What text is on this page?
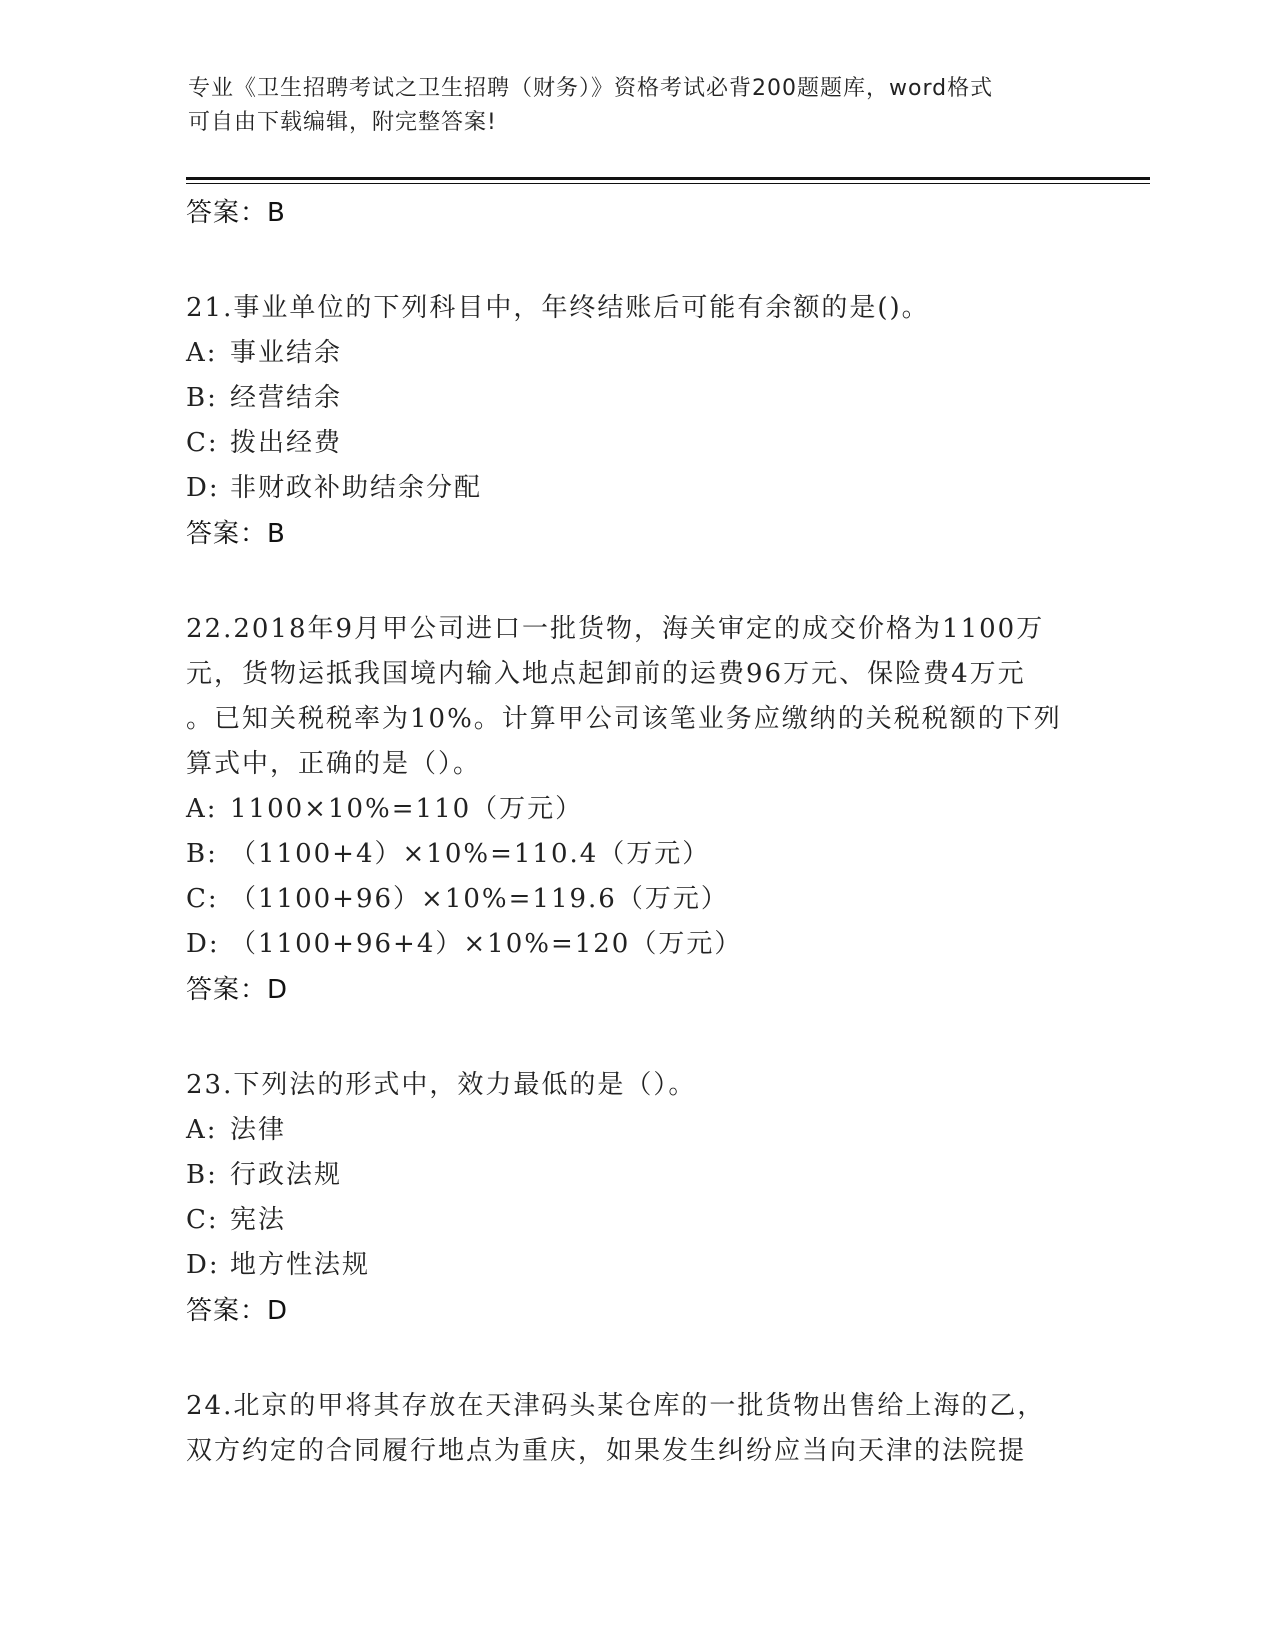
专业《卫生招聘考试之卫生招聘（财务）》资格考试必背200题题库，word格式
可自由下载编辑，附完整答案!
答案：B
21.事业单位的下列科目中，年终结账后可能有余额的是()。
A: 事业结余
B: 经营结余
C: 拨出经费
D: 非财政补助结余分配
答案：B
22.2018年9月甲公司进口一批货物，海关审定的成交价格为1100万
元，货物运抵我国境内输入地点起卸前的运费96万元、保险费4万元
。已知关税税率为10%。计算甲公司该笔业务应缴纳的关税税额的下列
算式中，正确的是（）。
A: 1100×10%=110（万元）
B: （1100+4）×10%=110.4（万元）
C: （1100+96）×10%=119.6（万元）
D: （1100+96+4）×10%=120（万元）
答案：D
23.下列法的形式中，效力最低的是（）。
A: 法律
B: 行政法规
C: 宪法
D: 地方性法规
答案：D
24.北京的甲将其存放在天津码头某仓库的一批货物出售给上海的乙，
双方约定的合同履行地点为重庆，如果发生纠纷应当向天津的法院提
